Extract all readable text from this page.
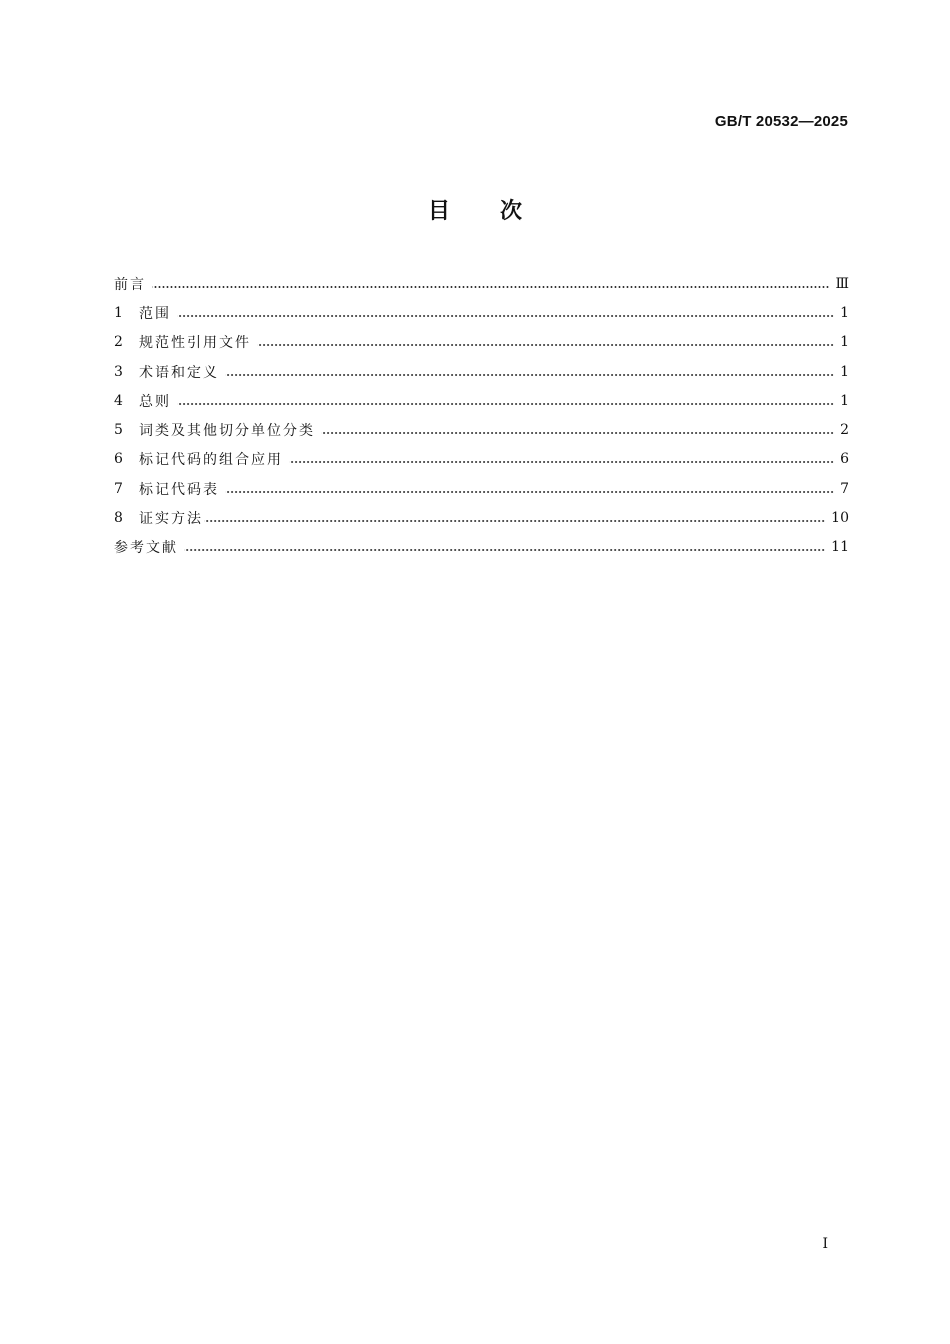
GB/T 20532—2025
目次
前言	Ⅲ
1	范围	1
2	规范性引用文件	1
3	术语和定义	1
4	总则	1
5	词类及其他切分单位分类	2
6	标记代码的组合应用	6
7	标记代码表	7
8	证实方法	10
参考文献	11
I
